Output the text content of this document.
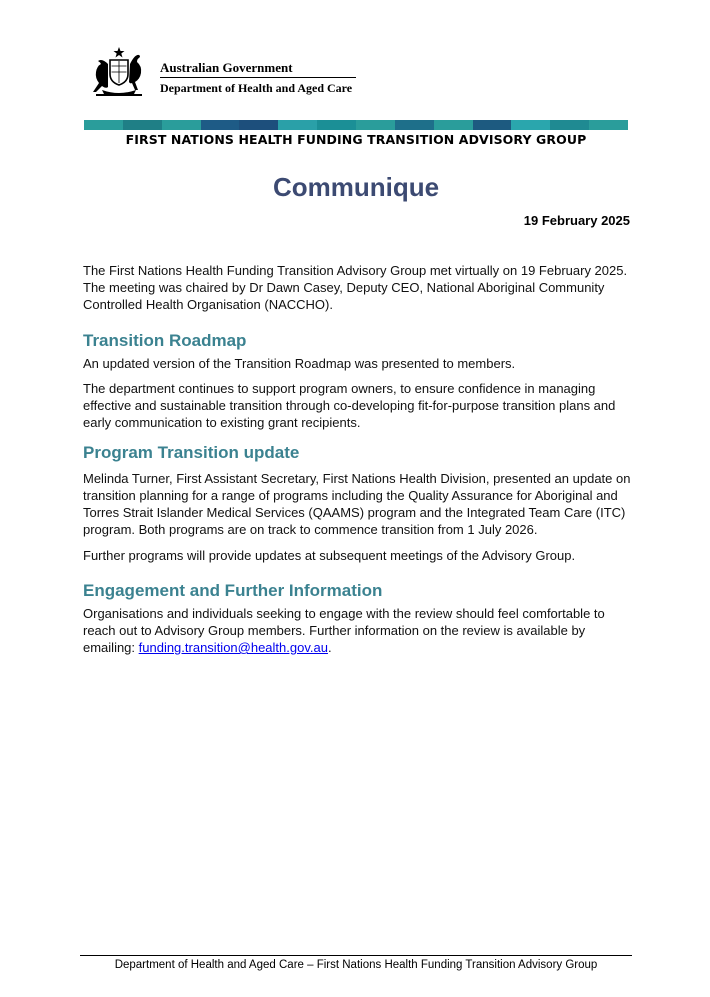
Australian Government
Department of Health and Aged Care
FIRST NATIONS HEALTH FUNDING TRANSITION ADVISORY GROUP
Communique
19 February 2025

The First Nations Health Funding Transition Advisory Group met virtually on 19 February 2025. The meeting was chaired by Dr Dawn Casey, Deputy CEO, National Aboriginal Community Controlled Health Organisation (NACCHO).

Transition Roadmap

An updated version of the Transition Roadmap was presented to members.

The department continues to support program owners, to ensure confidence in managing effective and sustainable transition through co-developing fit-for-purpose transition plans and early communication to existing grant recipients.

Program Transition update

Melinda Turner, First Assistant Secretary, First Nations Health Division, presented an update on transition planning for a range of programs including the Quality Assurance for Aboriginal and Torres Strait Islander Medical Services (QAAMS) program and the Integrated Team Care (ITC) program. Both programs are on track to commence transition from 1 July 2026.

Further programs will provide updates at subsequent meetings of the Advisory Group.

Engagement and Further Information

Organisations and individuals seeking to engage with the review should feel comfortable to reach out to Advisory Group members. Further information on the review is available by emailing: funding.transition@health.gov.au.

Department of Health and Aged Care – First Nations Health Funding Transition Advisory Group
